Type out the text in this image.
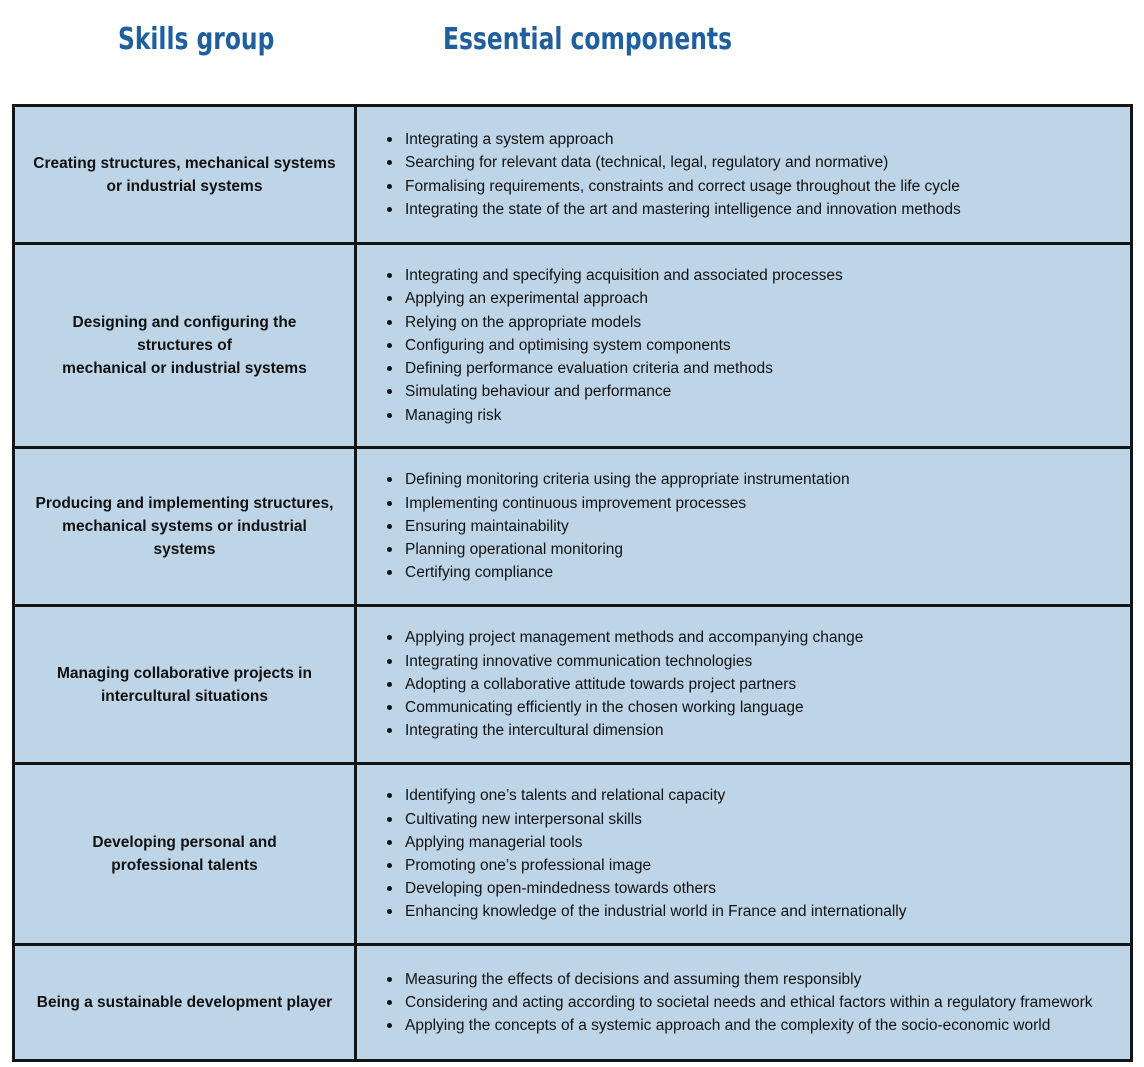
Skills group	Essential components
Creating structures, mechanical systems
or industrial systems
Integrating a system approach
Searching for relevant data (technical, legal, regulatory and normative)
Formalising requirements, constraints and correct usage throughout the life cycle
Integrating the state of the art and mastering intelligence and innovation methods
Designing and configuring the structures of
mechanical or industrial systems
Integrating and specifying acquisition and associated processes
Applying an experimental approach
Relying on the appropriate models
Configuring and optimising system components
Defining performance evaluation criteria and methods
Simulating behaviour and performance
Managing risk
Producing and implementing structures,
mechanical systems or industrial systems
Defining monitoring criteria using the appropriate instrumentation
Implementing continuous improvement processes
Ensuring maintainability
Planning operational monitoring
Certifying compliance
Managing collaborative projects in
intercultural situations
Applying project management methods and accompanying change
Integrating innovative communication technologies
Adopting a collaborative attitude towards project partners
Communicating efficiently in the chosen working language
Integrating the intercultural dimension
Developing personal and
professional talents
Identifying one’s talents and relational capacity
Cultivating new interpersonal skills
Applying managerial tools
Promoting one’s professional image
Developing open-mindedness towards others
Enhancing knowledge of the industrial world in France and internationally
Being a sustainable development player
Measuring the effects of decisions and assuming them responsibly
Considering and acting according to societal needs and ethical factors within a regulatory framework
Applying the concepts of a systemic approach and the complexity of the socio-economic world
